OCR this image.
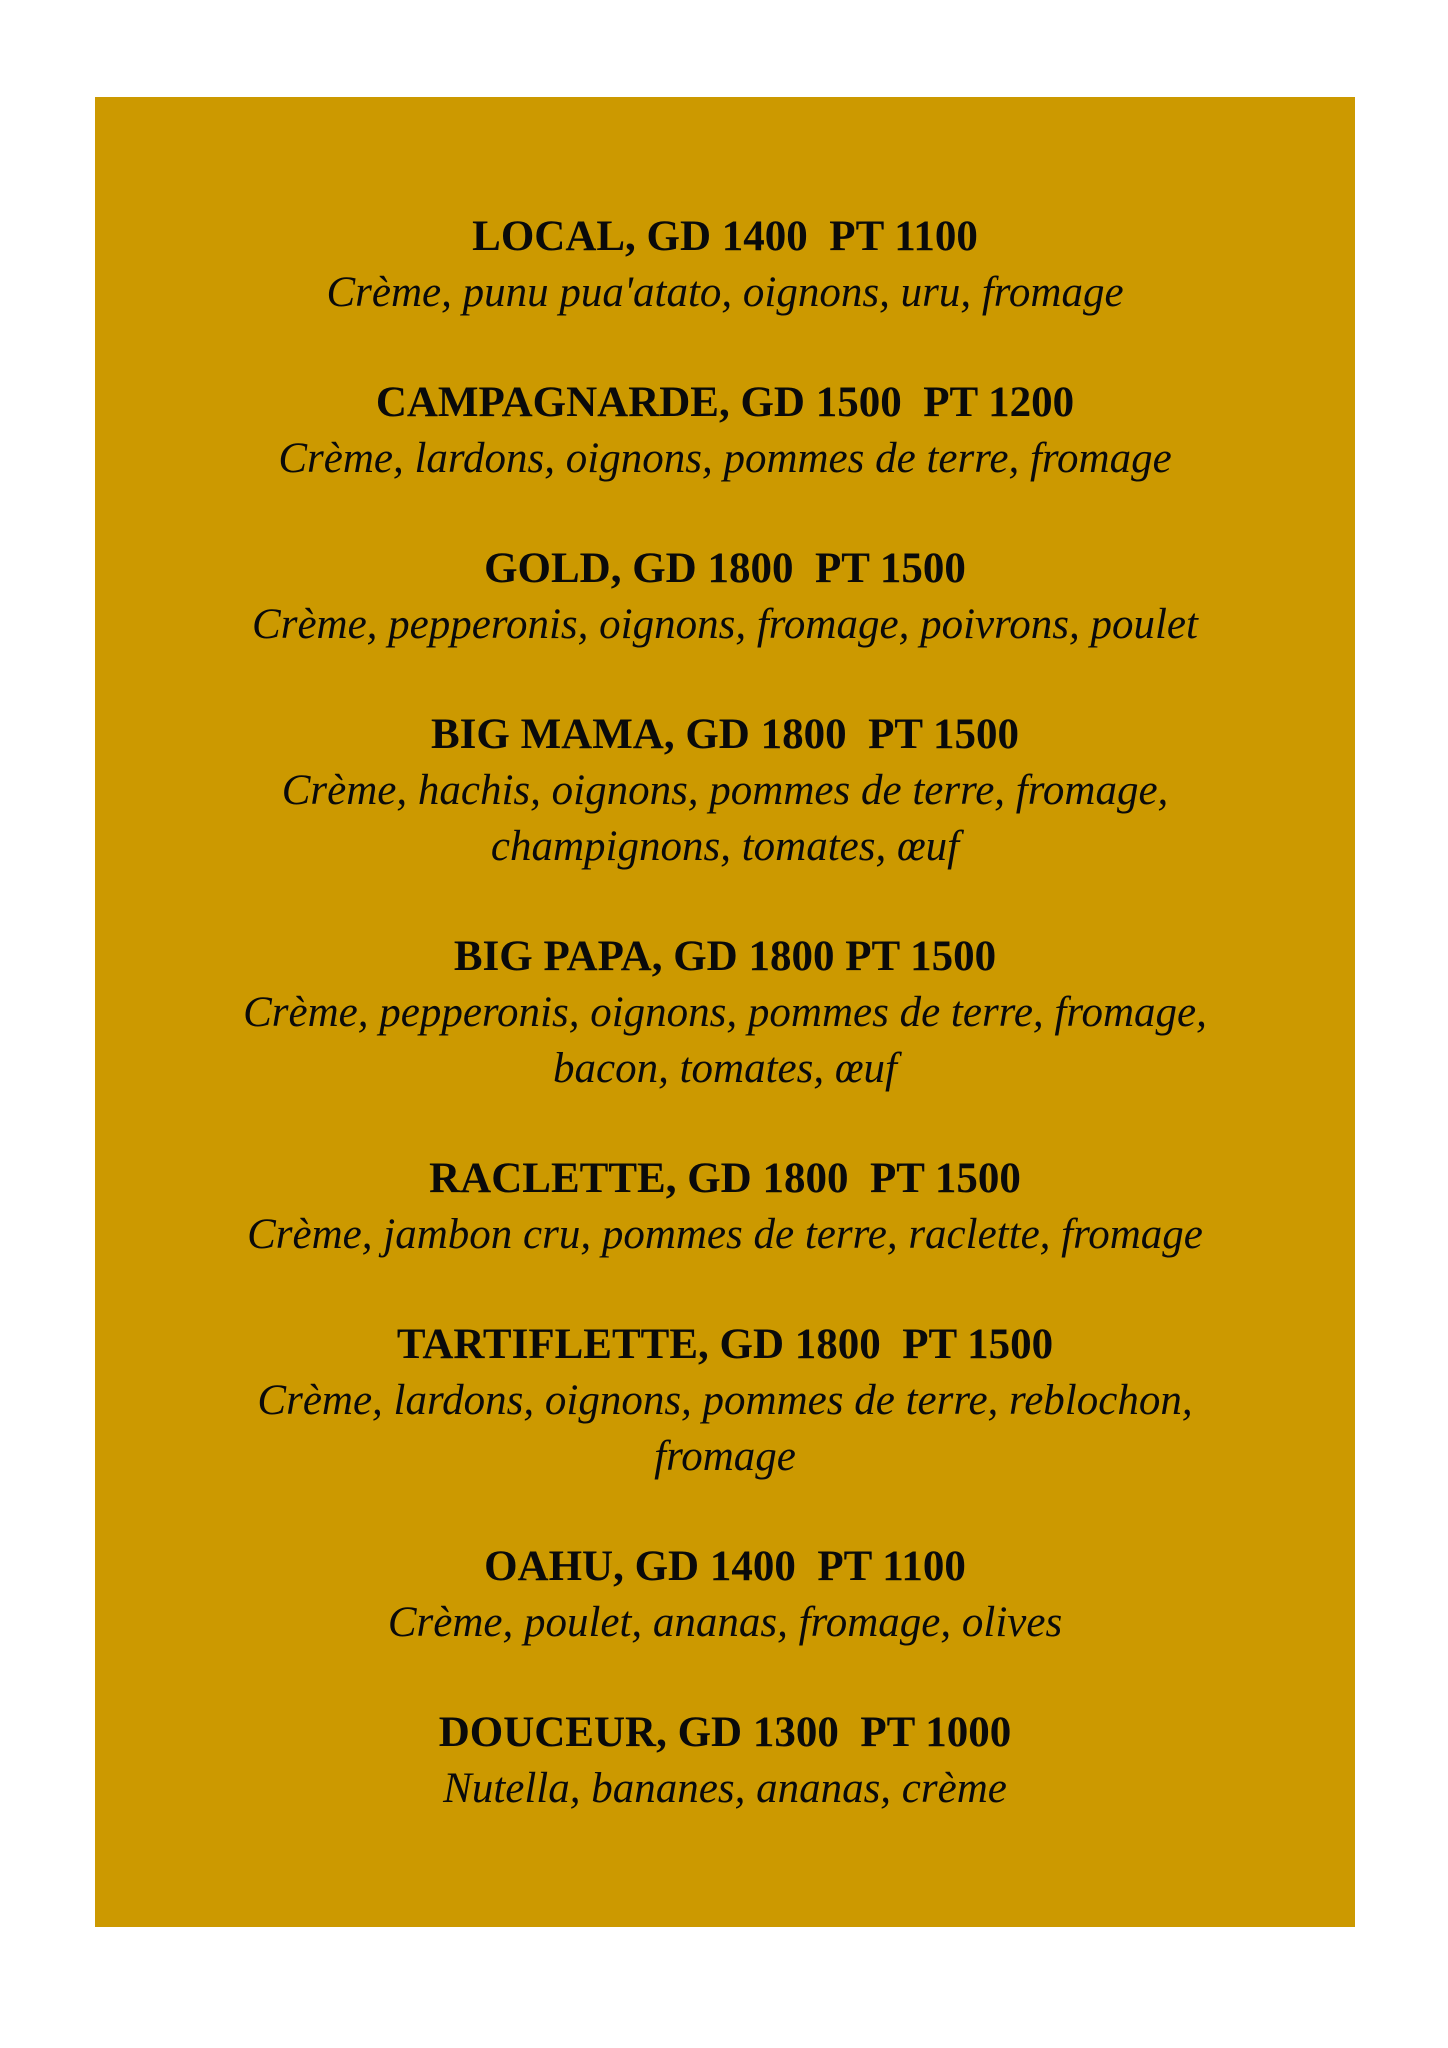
LOCAL, GD 1400  PT 1100

Crème, punu pua'atato, oignons, uru, fromage

CAMPAGNARDE, GD 1500  PT 1200

Crème, lardons, oignons, pommes de terre, fromage

GOLD, GD 1800  PT 1500

Crème, pepperonis, oignons, fromage, poivrons, poulet

BIG MAMA, GD 1800  PT 1500

Crème, hachis, oignons, pommes de terre, fromage,
champignons, tomates, œuf

BIG PAPA, GD 1800 PT 1500

Crème, pepperonis, oignons, pommes de terre, fromage,
bacon, tomates, œuf

RACLETTE, GD 1800  PT 1500

Crème, jambon cru, pommes de terre, raclette, fromage

TARTIFLETTE, GD 1800  PT 1500

Crème, lardons, oignons, pommes de terre, reblochon,
fromage

OAHU, GD 1400  PT 1100

Crème, poulet, ananas, fromage, olives

DOUCEUR, GD 1300  PT 1000

Nutella, bananes, ananas, crème
